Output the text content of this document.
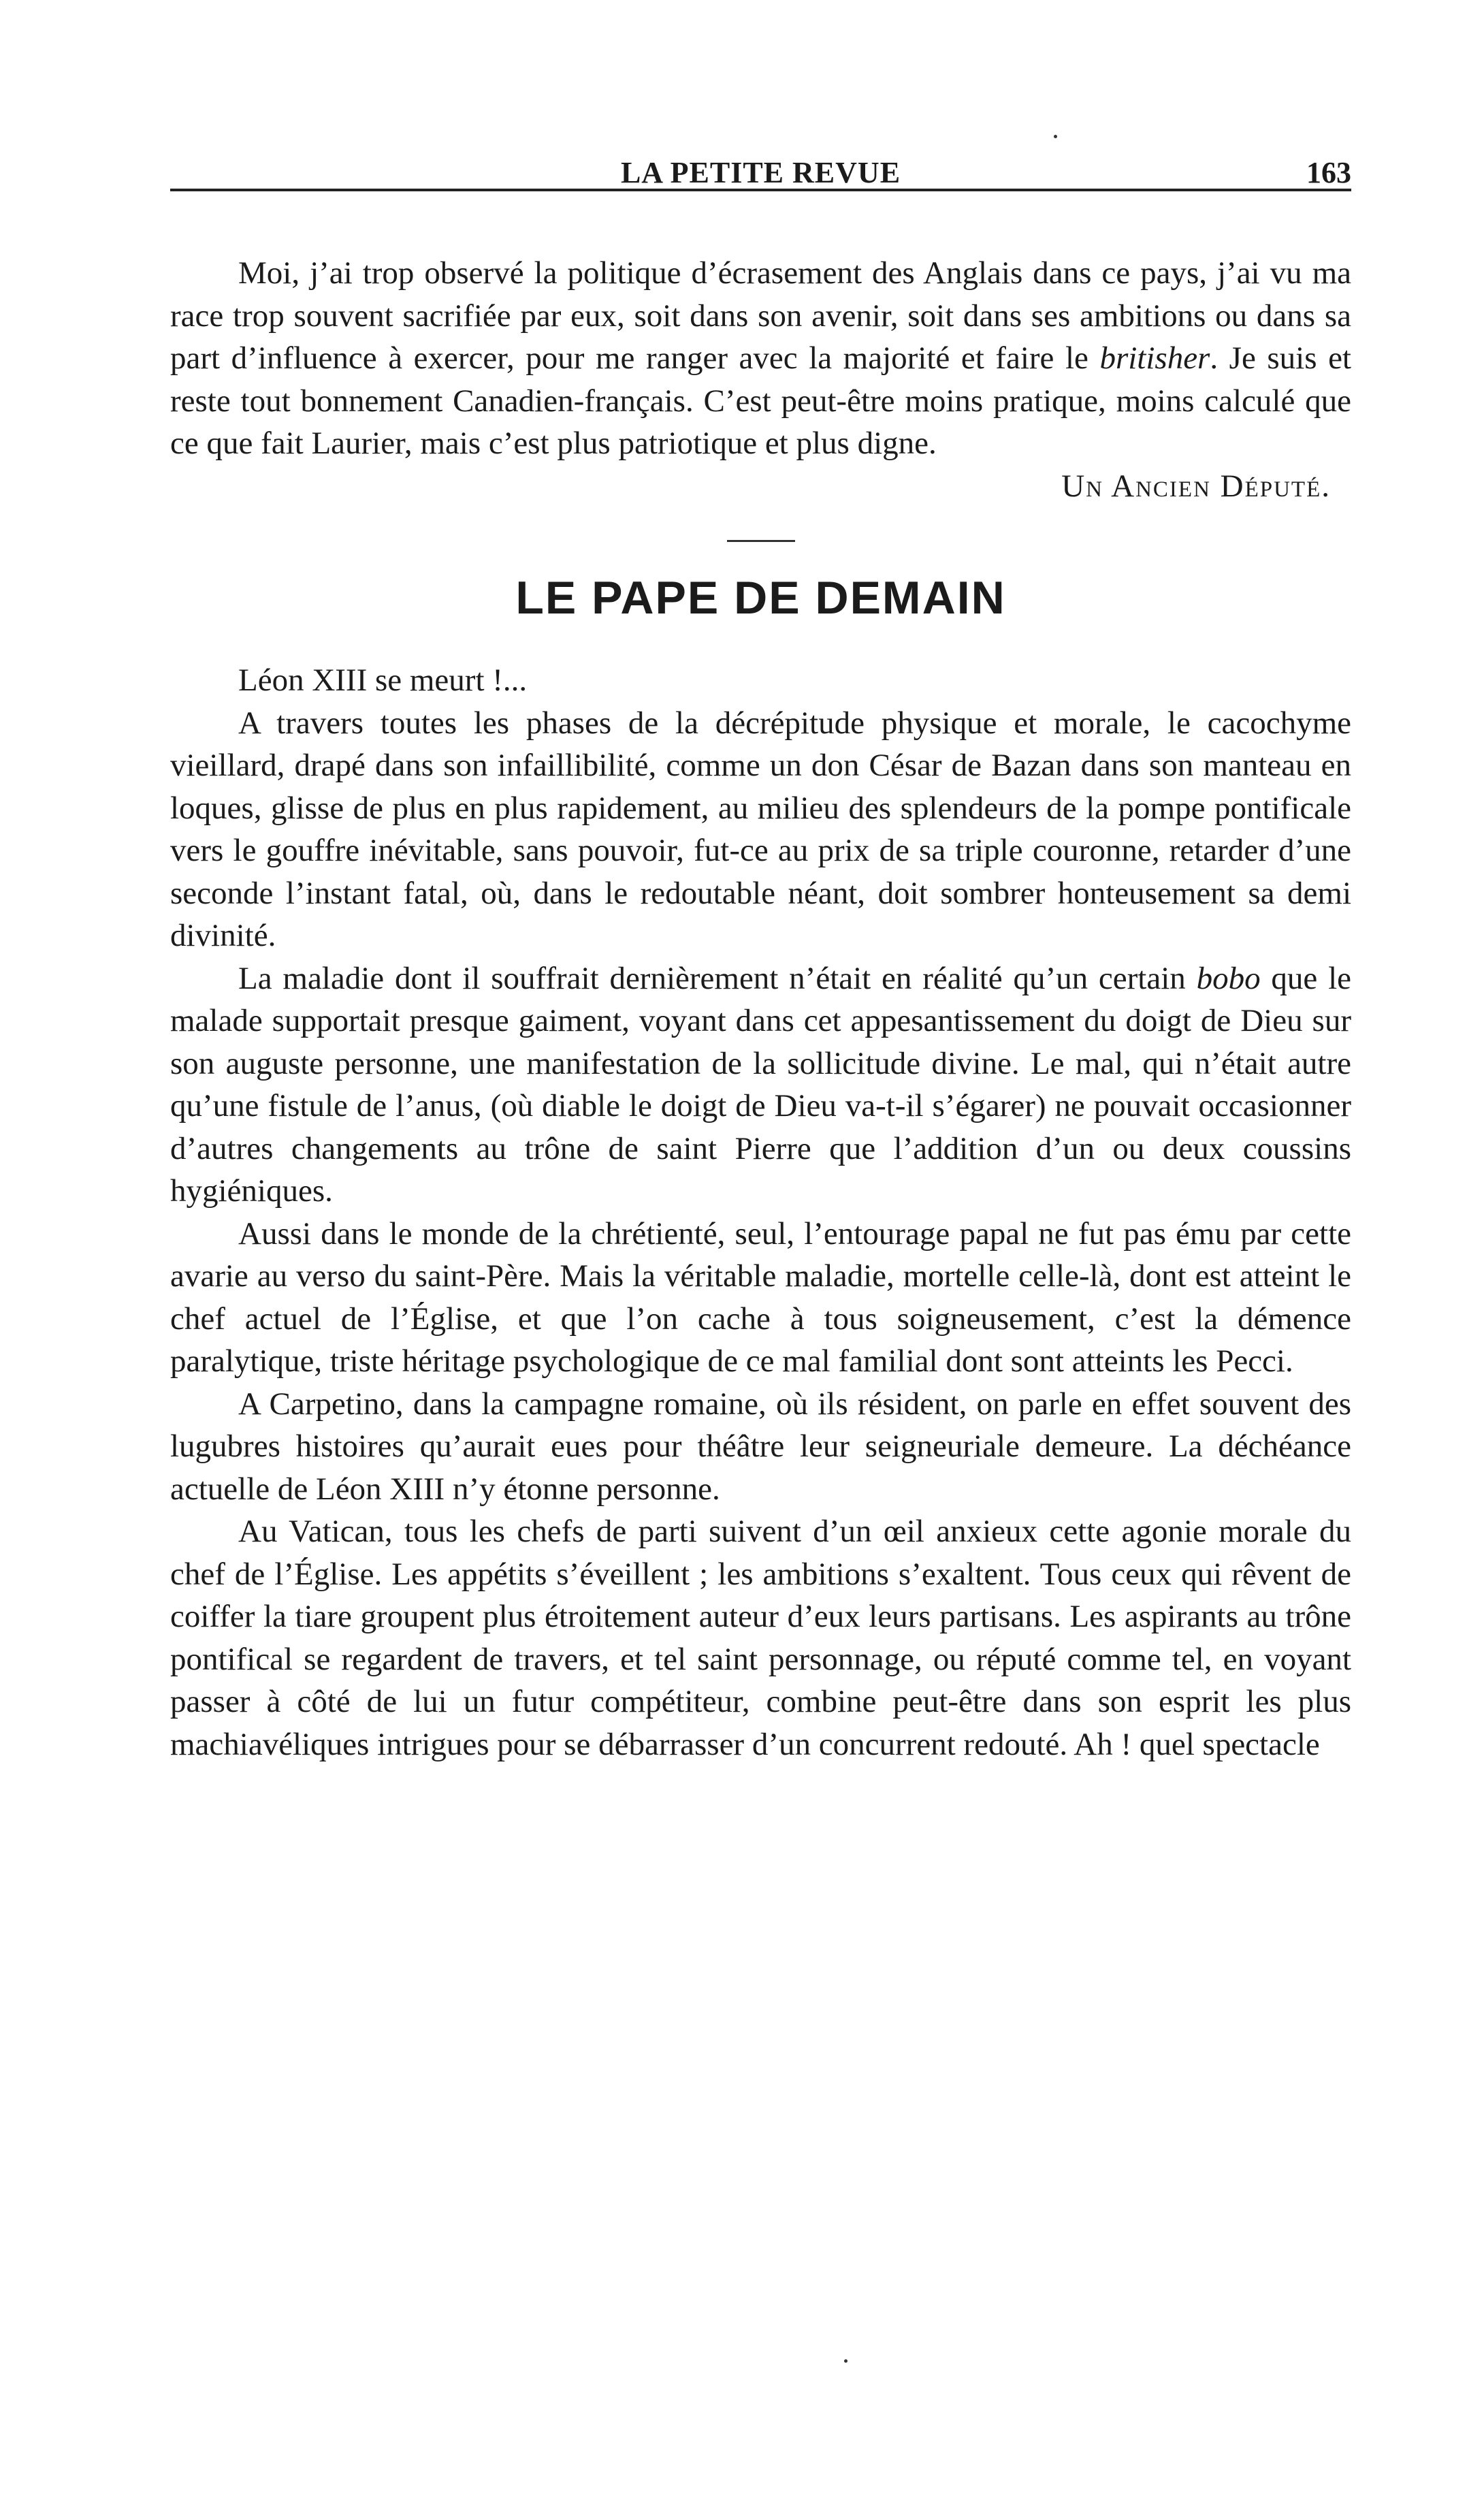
LA PETITE REVUE	163

Moi, j’ai trop observé la politique d’écrasement des Anglais dans ce pays, j’ai vu ma race trop souvent sacrifiée par eux, soit dans son avenir, soit dans ses ambitions ou dans sa part d’influence à exercer, pour me ranger avec la majorité et faire le britisher. Je suis et reste tout bonnement Canadien-français. C’est peut-être moins pratique, moins calculé que ce que fait Laurier, mais c’est plus patriotique et plus digne.

Un Ancien Député.
LE PAPE DE DEMAIN

Léon XIII se meurt !...

A travers toutes les phases de la décrépitude physique et morale, le cacochyme vieillard, drapé dans son infaillibilité, comme un don César de Bazan dans son manteau en loques, glisse de plus en plus rapidement, au milieu des splendeurs de la pompe pontificale vers le gouffre inévitable, sans pouvoir, fut-ce au prix de sa triple couronne, retarder d’une seconde l’instant fatal, où, dans le redoutable néant, doit sombrer honteusement sa demi divinité.

La maladie dont il souffrait dernièrement n’était en réalité qu’un certain bobo que le malade supportait presque gaiment, voyant dans cet appesantissement du doigt de Dieu sur son auguste personne, une manifestation de la sollicitude divine. Le mal, qui n’était autre qu’une fistule de l’anus, (où diable le doigt de Dieu va-t-il s’égarer) ne pouvait occasionner d’autres changements au trône de saint Pierre que l’addition d’un ou deux coussins hygiéniques.

Aussi dans le monde de la chrétienté, seul, l’entourage papal ne fut pas ému par cette avarie au verso du saint-Père. Mais la véritable maladie, mortelle celle-là, dont est atteint le chef actuel de l’Église, et que l’on cache à tous soigneusement, c’est la démence paralytique, triste héritage psychologique de ce mal familial dont sont atteints les Pecci.

A Carpetino, dans la campagne romaine, où ils résident, on parle en effet souvent des lugubres histoires qu’aurait eues pour théâtre leur seigneuriale demeure. La déchéance actuelle de Léon XIII n’y étonne personne.

Au Vatican, tous les chefs de parti suivent d’un œil anxieux cette agonie morale du chef de l’Église. Les appétits s’éveillent ; les ambitions s’exaltent. Tous ceux qui rêvent de coiffer la tiare groupent plus étroitement auteur d’eux leurs partisans. Les aspirants au trône pontifical se regardent de travers, et tel saint personnage, ou réputé comme tel, en voyant passer à côté de lui un futur compétiteur, combine peut-être dans son esprit les plus machiavéliques intrigues pour se débarrasser d’un concurrent redouté. Ah ! quel spectacle
